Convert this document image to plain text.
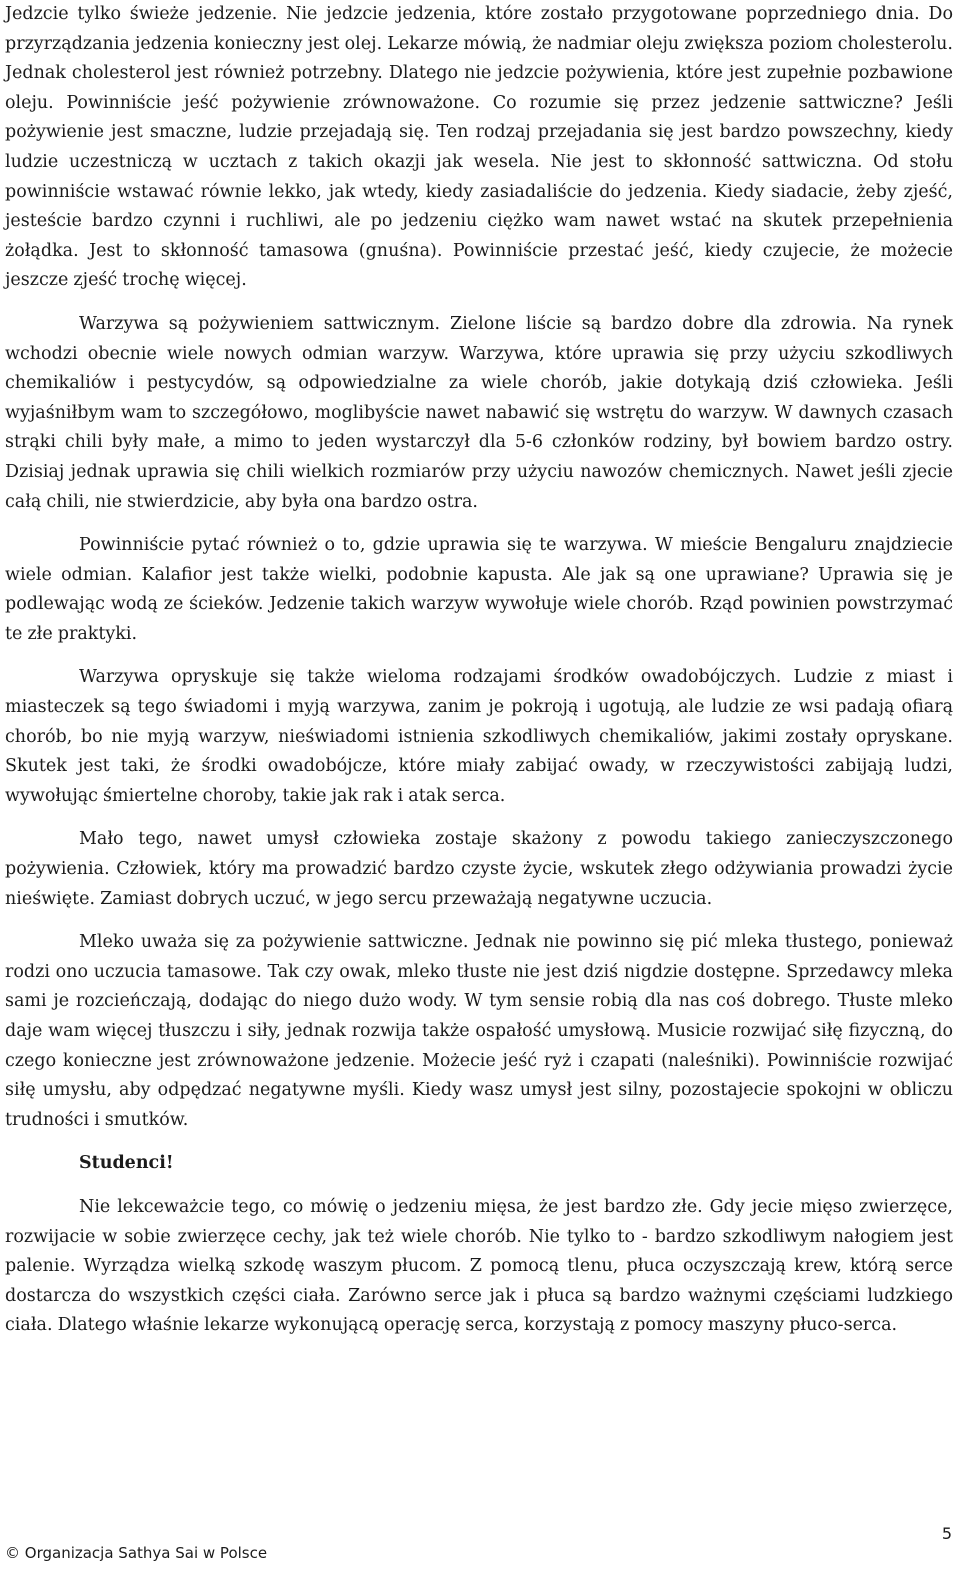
Jedzcie tylko świeże jedzenie. Nie jedzcie jedzenia, które zostało przygotowane poprzedniego dnia. Do przyrządzania jedzenia konieczny jest olej. Lekarze mówią, że nadmiar oleju zwiększa poziom cholesterolu. Jednak cholesterol jest również potrzebny. Dlatego nie jedzcie pożywienia, które jest zupełnie pozbawione oleju. Powinniście jeść pożywienie zrównoważone. Co rozumie się przez jedzenie sattwiczne? Jeśli pożywienie jest smaczne, ludzie przejadają się. Ten rodzaj przejadania się jest bardzo powszechny, kiedy ludzie uczestniczą w ucztach z takich okazji jak wesela. Nie jest to skłonność sattwiczna. Od stołu powinniście wstawać równie lekko, jak wtedy, kiedy zasiadaliście do jedzenia. Kiedy siadacie, żeby zjeść, jesteście bardzo czynni i ruchliwi, ale po jedzeniu ciężko wam nawet wstać na skutek przepełnienia żołądka. Jest to skłonność tamasowa (gnuśna). Powinniście przestać jeść, kiedy czujecie, że możecie jeszcze zjeść trochę więcej.

Warzywa są pożywieniem sattwicznym. Zielone liście są bardzo dobre dla zdrowia. Na rynek wchodzi obecnie wiele nowych odmian warzyw. Warzywa, które uprawia się przy użyciu szkodliwych chemikaliów i pestycydów, są odpowiedzialne za wiele chorób, jakie dotykają dziś człowieka. Jeśli wyjaśniłbym wam to szczegółowo, moglibyście nawet nabawić się wstrętu do warzyw. W dawnych czasach strąki chili były małe, a mimo to jeden wystarczył dla 5-6 członków rodziny, był bowiem bardzo ostry. Dzisiaj jednak uprawia się chili wielkich rozmiarów przy użyciu nawozów chemicznych. Nawet jeśli zjecie całą chili, nie stwierdzicie, aby była ona bardzo ostra.

Powinniście pytać również o to, gdzie uprawia się te warzywa. W mieście Bengaluru znajdziecie wiele odmian. Kalafior jest także wielki, podobnie kapusta. Ale jak są one uprawiane? Uprawia się je podlewając wodą ze ścieków. Jedzenie takich warzyw wywołuje wiele chorób. Rząd powinien powstrzymać te złe praktyki.

Warzywa opryskuje się także wieloma rodzajami środków owadobójczych. Ludzie z miast i miasteczek są tego świadomi i myją warzywa, zanim je pokroją i ugotują, ale ludzie ze wsi padają ofiarą chorób, bo nie myją warzyw, nieświadomi istnienia szkodliwych chemikaliów, jakimi zostały opryskane. Skutek jest taki, że środki owadobójcze, które miały zabijać owady, w rzeczywistości zabijają ludzi, wywołując śmiertelne choroby, takie jak rak i atak serca.

Mało tego, nawet umysł człowieka zostaje skażony z powodu takiego zanieczyszczonego pożywienia. Człowiek, który ma prowadzić bardzo czyste życie, wskutek złego odżywiania prowadzi życie nieświęte. Zamiast dobrych uczuć, w jego sercu przeważają negatywne uczucia.

Mleko uważa się za pożywienie sattwiczne. Jednak nie powinno się pić mleka tłustego, ponieważ rodzi ono uczucia tamasowe. Tak czy owak, mleko tłuste nie jest dziś nigdzie dostępne. Sprzedawcy mleka sami je rozcieńczają, dodając do niego dużo wody. W tym sensie robią dla nas coś dobrego. Tłuste mleko daje wam więcej tłuszczu i siły, jednak rozwija także ospałość umysłową. Musicie rozwijać siłę fizyczną, do czego konieczne jest zrównoważone jedzenie. Możecie jeść ryż i czapati (naleśniki). Powinniście rozwijać siłę umysłu, aby odpędzać negatywne myśli. Kiedy wasz umysł jest silny, pozostajecie spokojni w obliczu trudności i smutków.

Studenci!

Nie lekceważcie tego, co mówię o jedzeniu mięsa, że jest bardzo złe. Gdy jecie mięso zwierzęce, rozwijacie w sobie zwierzęce cechy, jak też wiele chorób. Nie tylko to - bardzo szkodliwym nałogiem jest palenie. Wyrządza wielką szkodę waszym płucom. Z pomocą tlenu, płuca oczyszczają krew, którą serce dostarcza do wszystkich części ciała. Zarówno serce jak i płuca są bardzo ważnymi częściami ludzkiego ciała. Dlatego właśnie lekarze wykonującą operację serca, korzystają z pomocy maszyny płuco-serca.

5
© Organizacja Sathya Sai w Polsce
